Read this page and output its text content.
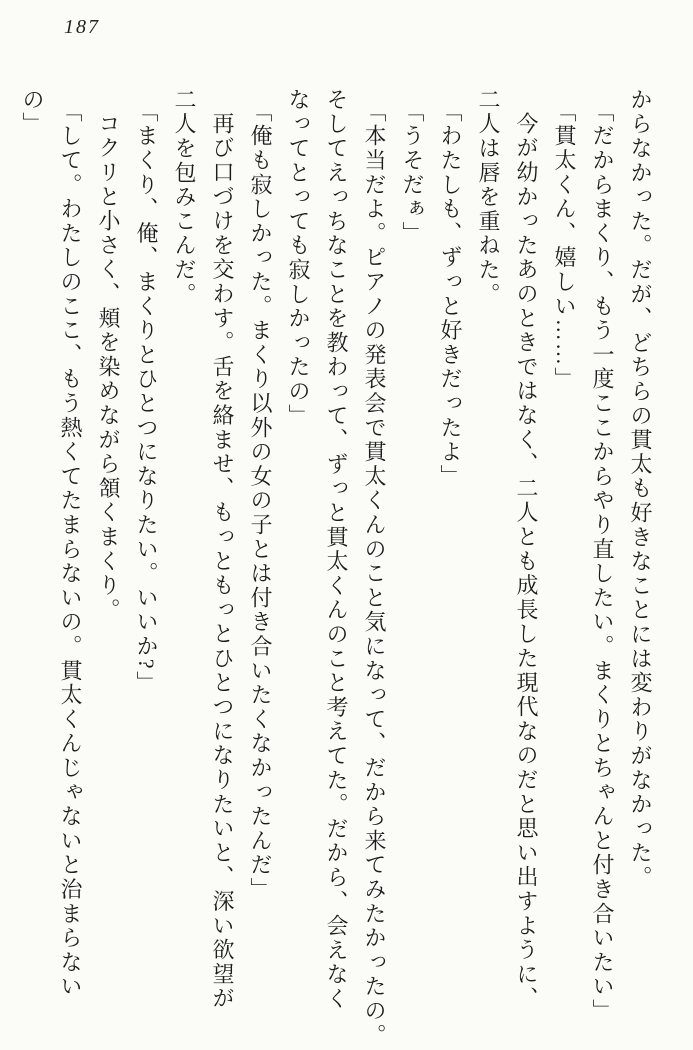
187
からなかった。だが、どちらの貫太も好きなことには変わりがなかった。
「だからまくり、もう一度ここからやり直したい。まくりとちゃんと付き合いたい」
「貫太くん、嬉しい……」
今が幼かったあのときではなく、二人とも成長した現代なのだと思い出すように、
二人は唇を重ねた。
「わたしも、ずっと好きだったよ」
「うそだぁ」
「本当だよ。ピアノの発表会で貫太くんのこと気になって、だから来てみたかったの。
そしてえっちなことを教わって、ずっと貫太くんのこと考えてた。だから、会えなく
なってとっても寂しかったの」
「俺も寂しかった。まくり以外の女の子とは付き合いたくなかったんだ」
再び口づけを交わす。舌を絡ませ、もっともっとひとつになりたいと、深い欲望が
二人を包みこんだ。
「まくり、俺、まくりとひとつになりたい。いいか?」
コクリと小さく、頬を染めながら頷くまくり。
「して。わたしのここ、もう熱くてたまらないの。貫太くんじゃないと治まらない
の」
